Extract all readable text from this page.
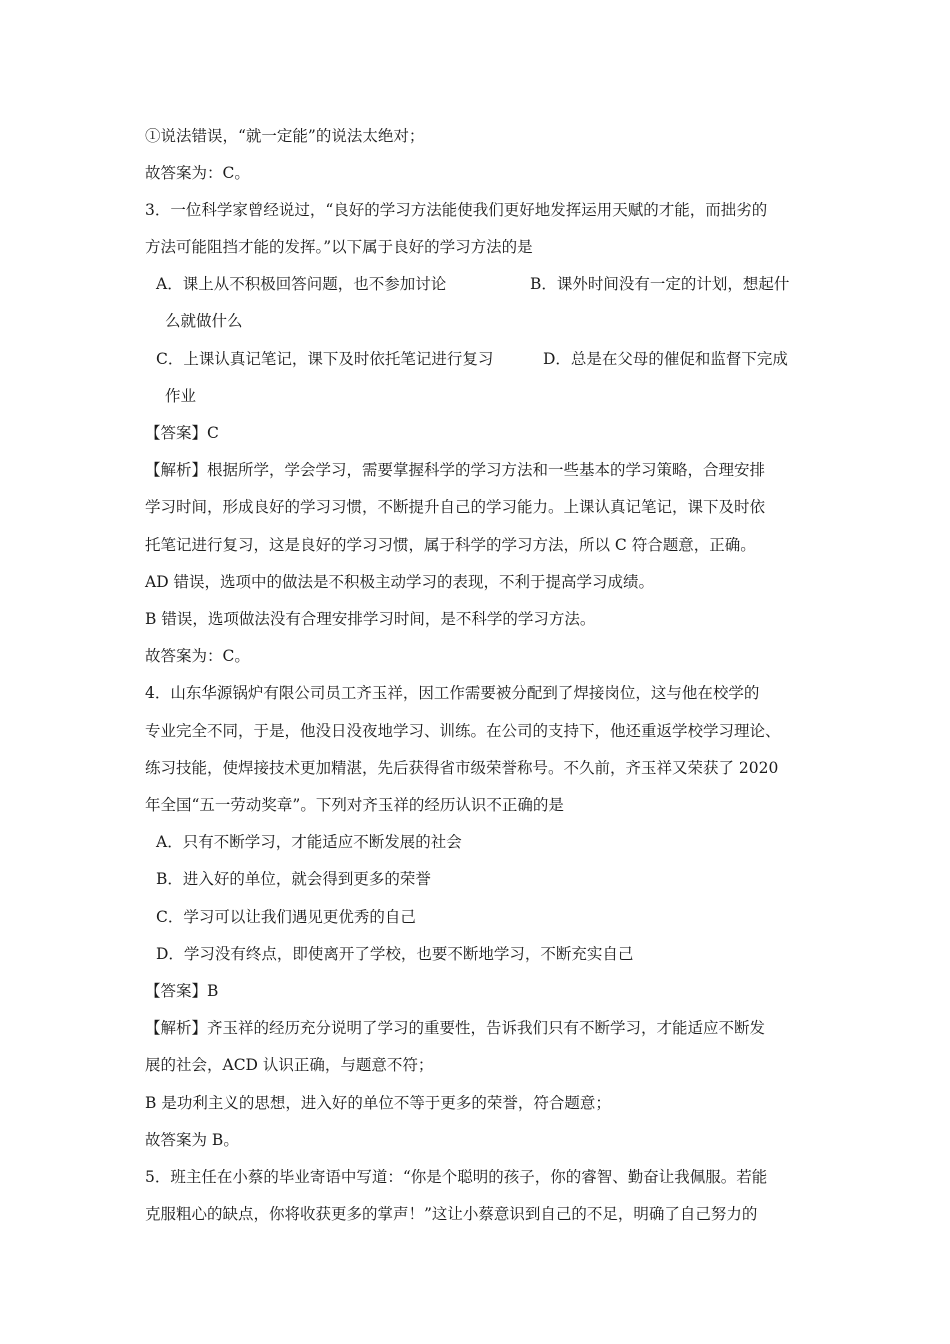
①说法错误，“就一定能”的说法太绝对；
故答案为：C。
3．一位科学家曾经说过，“良好的学习方法能使我们更好地发挥运用天赋的才能，而拙劣的
方法可能阻挡才能的发挥。”以下属于良好的学习方法的是
A．课上从不积极回答问题，也不参加讨论	B．课外时间没有一定的计划，想起什
么就做什么
C．上课认真记笔记，课下及时依托笔记进行复习	D．总是在父母的催促和监督下完成
作业
【答案】C
【解析】根据所学，学会学习，需要掌握科学的学习方法和一些基本的学习策略，合理安排
学习时间，形成良好的学习习惯，不断提升自己的学习能力。上课认真记笔记，课下及时依
托笔记进行复习，这是良好的学习习惯，属于科学的学习方法，所以 C 符合题意，正确。
AD 错误，选项中的做法是不积极主动学习的表现，不利于提高学习成绩。
B 错误，选项做法没有合理安排学习时间，是不科学的学习方法。
故答案为：C。
4．山东华源锅炉有限公司员工齐玉祥，因工作需要被分配到了焊接岗位，这与他在校学的
专业完全不同，于是，他没日没夜地学习、训练。在公司的支持下，他还重返学校学习理论、
练习技能，使焊接技术更加精湛，先后获得省市级荣誉称号。不久前，齐玉祥又荣获了 2020
年全国“五一劳动奖章”。下列对齐玉祥的经历认识不正确的是
A．只有不断学习，才能适应不断发展的社会
B．进入好的单位，就会得到更多的荣誉
C．学习可以让我们遇见更优秀的自己
D．学习没有终点，即使离开了学校，也要不断地学习，不断充实自己
【答案】B
【解析】齐玉祥的经历充分说明了学习的重要性，告诉我们只有不断学习，才能适应不断发
展的社会，ACD 认识正确，与题意不符；
B 是功利主义的思想，进入好的单位不等于更多的荣誉，符合题意；
故答案为 B。
5．班主任在小蔡的毕业寄语中写道：“你是个聪明的孩子，你的睿智、勤奋让我佩服。若能
克服粗心的缺点，你将收获更多的掌声！”这让小蔡意识到自己的不足，明确了自己努力的
